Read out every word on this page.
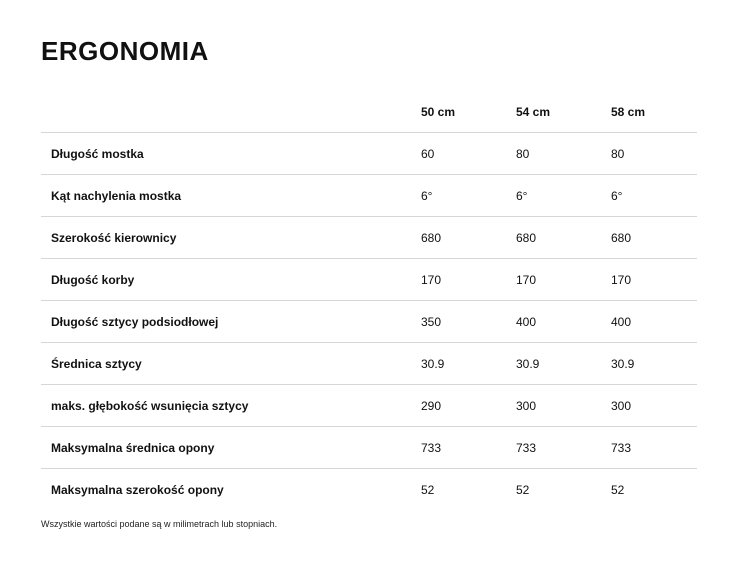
ERGONOMIA
	50 cm	54 cm	58 cm
Długość mostka	60	80	80
Kąt nachylenia mostka	6°	6°	6°
Szerokość kierownicy	680	680	680
Długość korby	170	170	170
Długość sztycy podsiodłowej	350	400	400
Średnica sztycy	30.9	30.9	30.9
maks. głębokość wsunięcia sztycy	290	300	300
Maksymalna średnica opony	733	733	733
Maksymalna szerokość opony	52	52	52
Wszystkie wartości podane są w milimetrach lub stopniach.
